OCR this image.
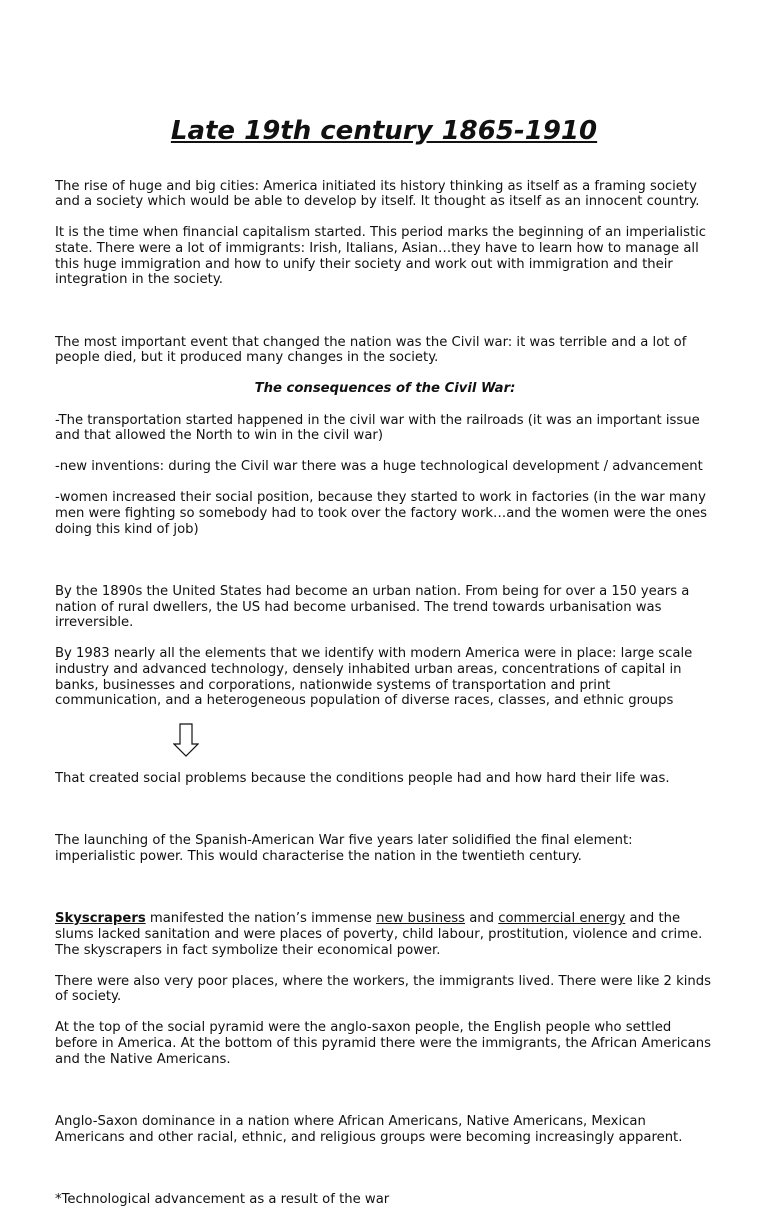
Late 19th century 1865-1910

The rise of huge and big cities: America initiated its history thinking as itself as a framing society and a society which would be able to develop by itself. It thought as itself as an innocent country.

It is the time when financial capitalism started. This period marks the beginning of an imperialistic state. There were a lot of immigrants: Irish, Italians, Asian…they have to learn how to manage all this huge immigration and how to unify their society and work out with immigration and their integration in the society.

The most important event that changed the nation was the Civil war: it was terrible and a lot of people died, but it produced many changes in the society.

The consequences of the Civil War:

-The transportation started happened in the civil war with the railroads (it was an important issue and that allowed the North to win in the civil war)

-new inventions: during the Civil war there was a huge technological development / advancement

-women increased their social position, because they started to work in factories (in the war many men were fighting so somebody had to took over the factory work…and the women were the ones doing this kind of job)

By the 1890s the United States had become an urban nation. From being for over a 150 years a nation of rural dwellers, the US had become urbanised. The trend towards urbanisation was irreversible.

By 1983 nearly all the elements that we identify with modern America were in place: large scale industry and advanced technology, densely inhabited urban areas, concentrations of capital in banks, businesses and corporations, nationwide systems of transportation and print communication, and a heterogeneous population of diverse races, classes, and ethnic groups

That created social problems because the conditions people had and how hard their life was.

The launching of the Spanish-American War five years later solidified the final element: imperialistic power. This would characterise the nation in the twentieth century.

Skyscrapers manifested the nation’s immense new business and commercial energy and the slums lacked sanitation and were places of poverty, child labour, prostitution, violence and crime. The skyscrapers in fact symbolize their economical power.

There were also very poor places, where the workers, the immigrants lived. There were like 2 kinds of society.

At the top of the social pyramid were the anglo-saxon people, the English people who settled before in America. At the bottom of this pyramid there were the immigrants, the African Americans and the Native Americans.

Anglo-Saxon dominance in a nation where African Americans, Native Americans, Mexican Americans and other racial, ethnic, and religious groups were becoming increasingly apparent.

*Technological advancement as a result of the war
